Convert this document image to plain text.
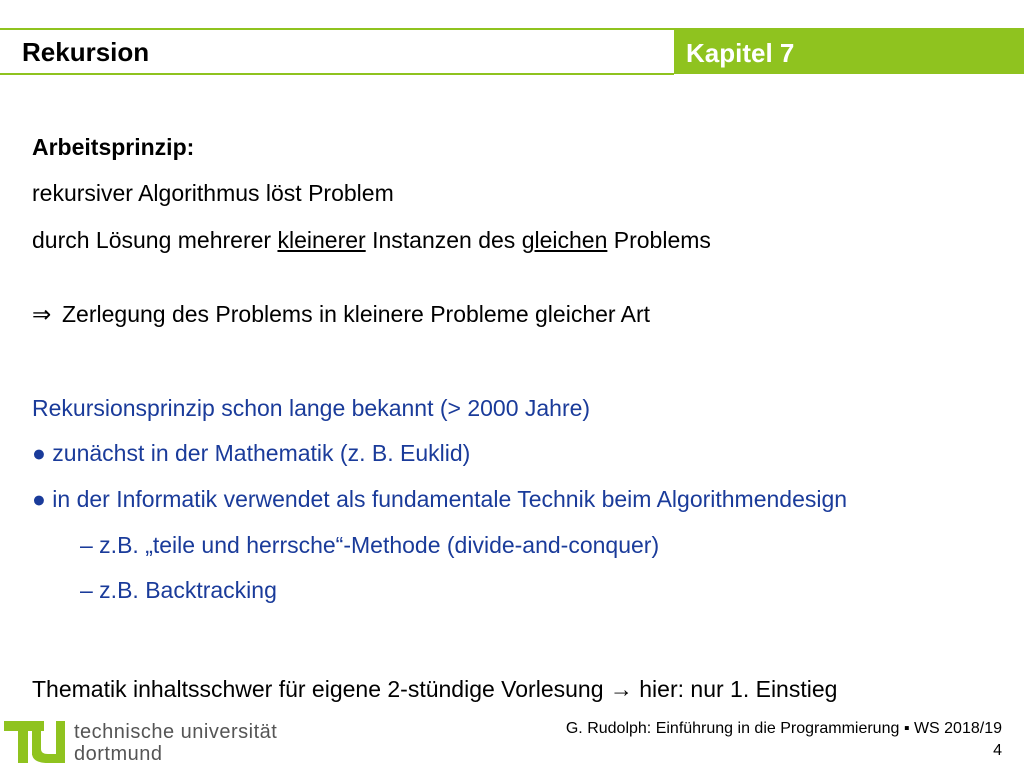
Rekursion	Kapitel 7
Arbeitsprinzip:
rekursiver Algorithmus löst Problem
durch Lösung mehrerer kleinerer Instanzen des gleichen Problems
⇒ Zerlegung des Problems in kleinere Probleme gleicher Art
Rekursionsprinzip schon lange bekannt (> 2000 Jahre)
● zunächst in der Mathematik (z. B. Euklid)
● in der Informatik verwendet als fundamentale Technik beim Algorithmendesign
– z.B. „teile und herrsche“-Methode (divide-and-conquer)
– z.B. Backtracking
Thematik inhaltsschwer für eigene 2-stündige Vorlesung → hier: nur 1. Einstieg
technische universität
dortmund
G. Rudolph: Einführung in die Programmierung ▪ WS 2018/19
4
